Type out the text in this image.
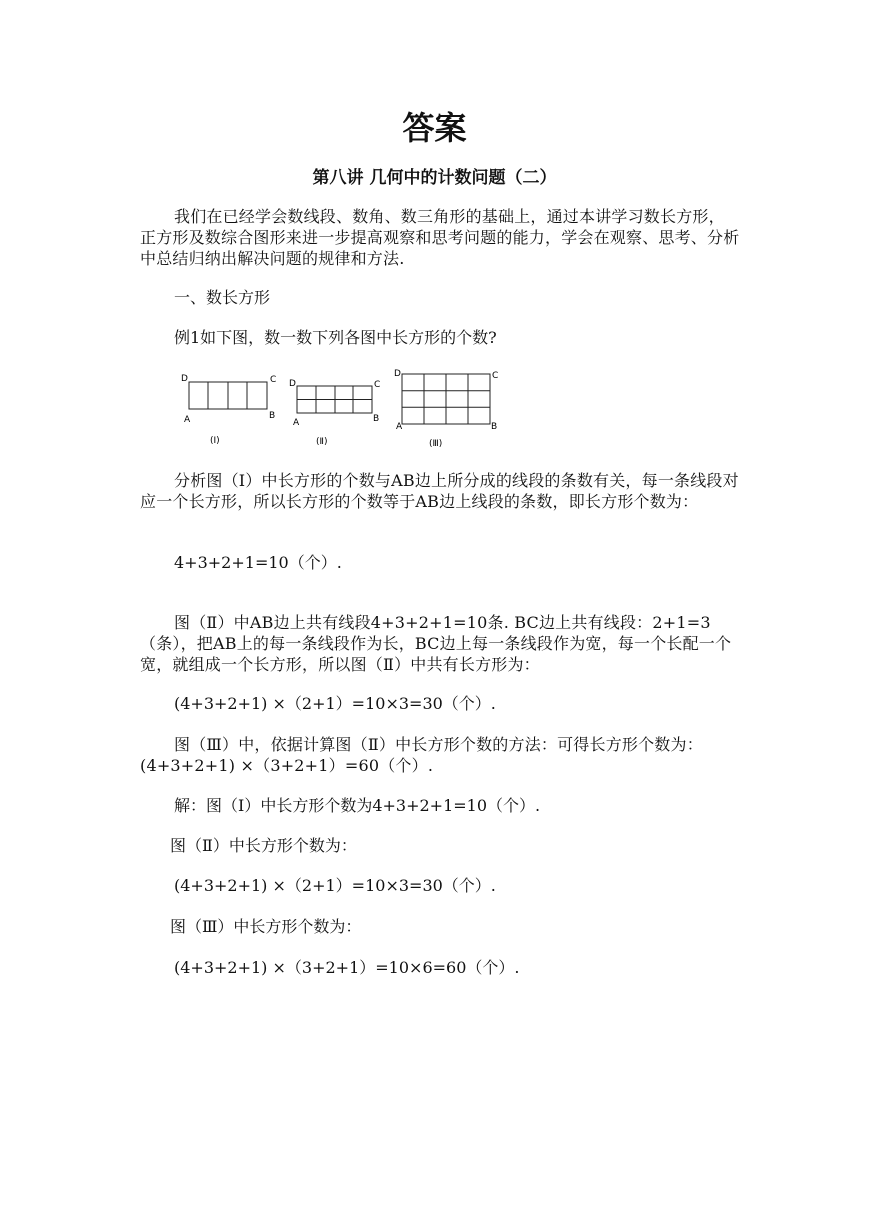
答案
第八讲 几何中的计数问题（二）

我们在已经学会数线段、数角、数三角形的基础上，通过本讲学习数长方形，正方形及数综合图形来进一步提高观察和思考问题的能力，学会在观察、思考、分析中总结归纳出解决问题的规律和方法.

一、数长方形

例1如下图，数一数下列各图中长方形的个数?

D	C
A	B
(Ⅰ)
D	C
A	B
(Ⅱ)
D	C
A	B
(Ⅲ)

分析图（Ⅰ）中长方形的个数与AB边上所分成的线段的条数有关，每一条线段对应一个长方形，所以长方形的个数等于AB边上线段的条数，即长方形个数为：

4+3+2+1=10（个）.

图（Ⅱ）中AB边上共有线段4+3+2+1=10条. BC边上共有线段：2+1=3（条），把AB上的每一条线段作为长，BC边上每一条线段作为宽，每一个长配一个宽，就组成一个长方形，所以图（Ⅱ）中共有长方形为：

(4+3+2+1) ×（2+1）=10×3=30（个）.

图（Ⅲ）中，依据计算图（Ⅱ）中长方形个数的方法：可得长方形个数为：(4+3+2+1) ×（3+2+1）=60（个）.

解：图（Ⅰ）中长方形个数为4+3+2+1=10（个）.

图（Ⅱ）中长方形个数为：

(4+3+2+1) ×（2+1）=10×3=30（个）.

图（Ⅲ）中长方形个数为：

(4+3+2+1) ×（3+2+1）=10×6=60（个）.
